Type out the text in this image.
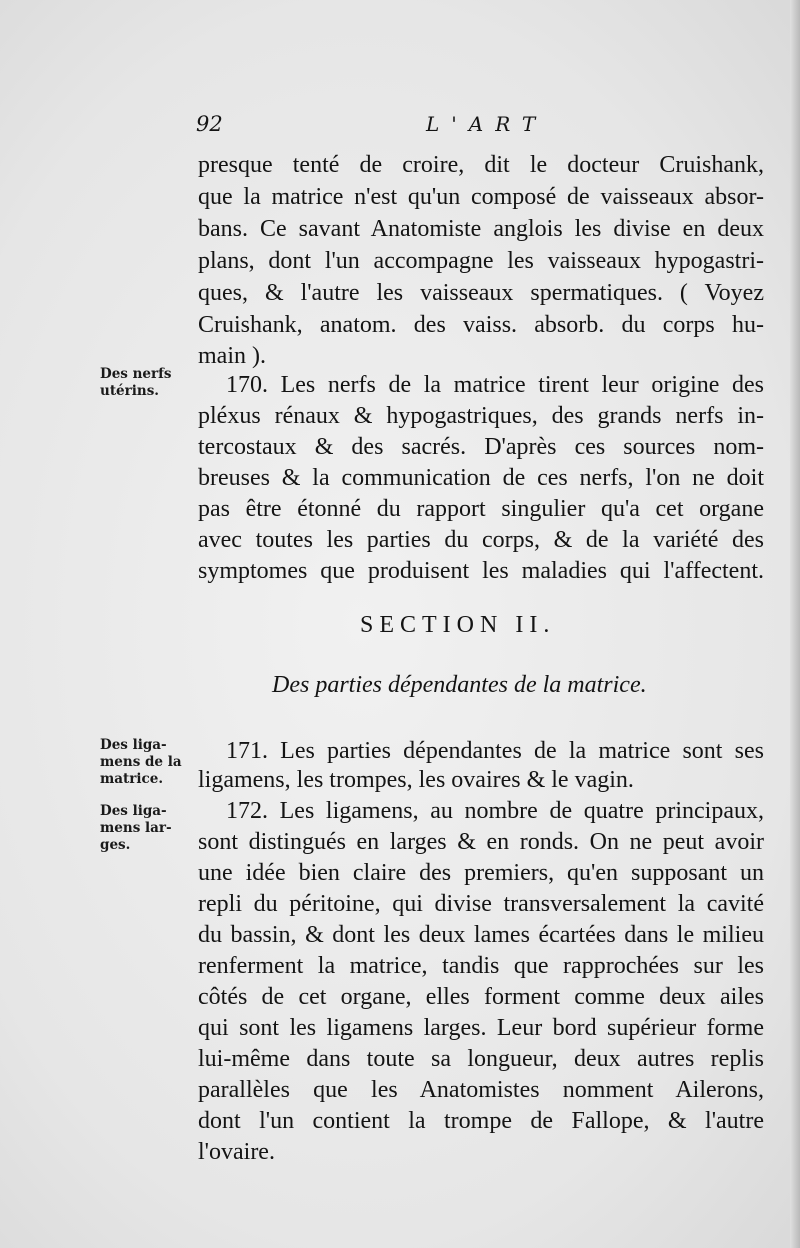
92	L'ART
presque tenté de croire, dit le docteur Cruishank,
que la matrice n'est qu'un composé de vaisseaux absor-
bans. Ce savant Anatomiste anglois les divise en deux
plans, dont l'un accompagne les vaisseaux hypogastri-
ques, & l'autre les vaisseaux spermatiques. ( Voyez
Cruishank, anatom. des vaiss. absorb. du corps hu-
main ).
170. Les nerfs de la matrice tirent leur origine des
pléxus rénaux & hypogastriques, des grands nerfs in-
tercostaux & des sacrés. D'après ces sources nom-
breuses & la communication de ces nerfs, l'on ne doit
pas être étonné du rapport singulier qu'a cet organe
avec toutes les parties du corps, & de la variété des
symptomes que produisent les maladies qui l'affectent.
SECTION II.
Des parties dépendantes de la matrice.
171. Les parties dépendantes de la matrice sont ses
ligamens, les trompes, les ovaires & le vagin.
172. Les ligamens, au nombre de quatre principaux,
sont distingués en larges & en ronds. On ne peut avoir
une idée bien claire des premiers, qu'en supposant un
repli du péritoine, qui divise transversalement la cavité
du bassin, & dont les deux lames écartées dans le milieu
renferment la matrice, tandis que rapprochées sur les
côtés de cet organe, elles forment comme deux ailes
qui sont les ligamens larges. Leur bord supérieur forme
lui-même dans toute sa longueur, deux autres replis
parallèles que les Anatomistes nomment Ailerons,
dont l'un contient la trompe de Fallope, & l'autre
l'ovaire.
Des nerfs
utérins.
Des liga-
mens de la
matrice.
Des liga-
mens lar-
ges.
